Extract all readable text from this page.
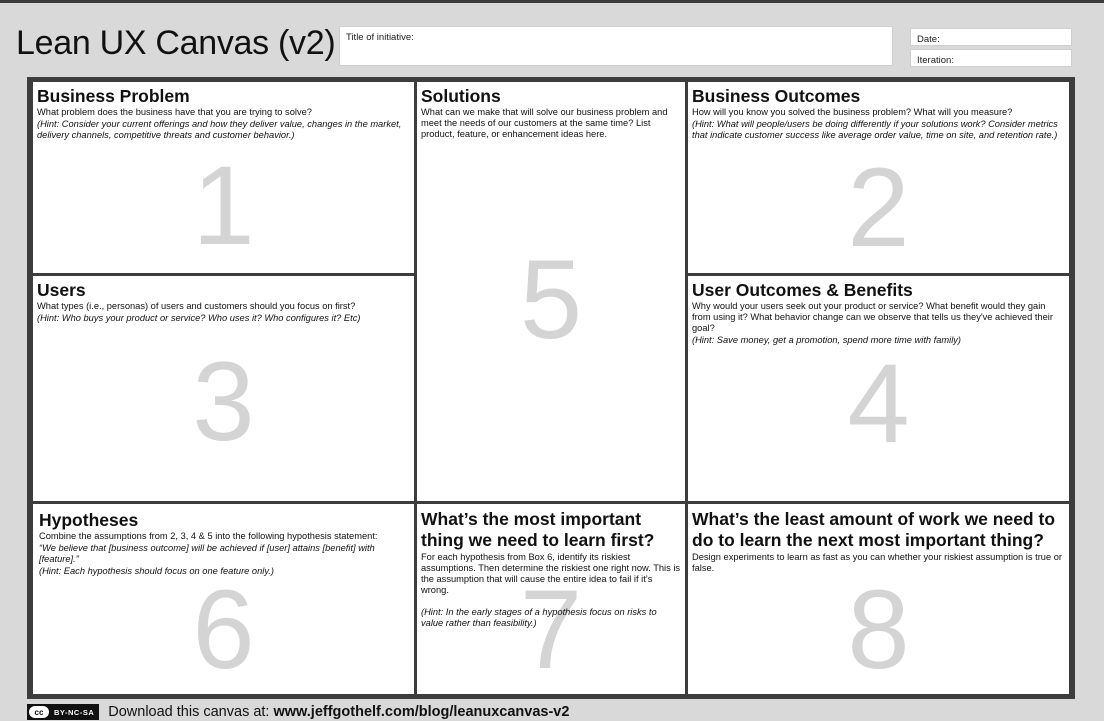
Lean UX Canvas (v2)	Title of initiative:	Date:
Iteration:
1
Business Problem
What problem does the business have that you are trying to solve?
(Hint: Consider your current offerings and how they deliver value, changes in the market, delivery channels, competitive threats and customer behavior.)
3
Users
What types (i.e., personas) of users and customers should you focus on first?
(Hint: Who buys your product or service? Who uses it? Who configures it? Etc)
6
Hypotheses
Combine the assumptions from 2, 3, 4 & 5 into the following hypothesis statement:
“We believe that [business outcome] will be achieved if [user] attains [benefit] with [feature].”
(Hint: Each hypothesis should focus on one feature only.)
5
Solutions
What can we make that will solve our business problem and meet the needs of our customers at the same time? List product, feature, or enhancement ideas here.
7
What’s the most important thing we need to learn first?
For each hypothesis from Box 6, identify its riskiest assumptions. Then determine the riskiest one right now. This is the assumption that will cause the entire idea to fail if it’s wrong.
(Hint: In the early stages of a hypothesis focus on risks to value rather than feasibility.)
2
Business Outcomes
How will you know you solved the business problem? What will you measure?
(Hint: What will people/users be doing differently if your solutions work? Consider metrics that indicate customer success like average order value, time on site, and retention rate.)
4
User Outcomes & Benefits
Why would your users seek out your product or service? What benefit would they gain from using it? What behavior change can we observe that tells us they've achieved their goal?
(Hint: Save money, get a promotion, spend more time with family)
8
What’s the least amount of work we need to do to learn the next most important thing?
Design experiments to learn as fast as you can whether your riskiest assumption is true or false.
cc	BY-NC-SA Download this canvas at: www.jeffgothelf.com/blog/leanuxcanvas-v2
